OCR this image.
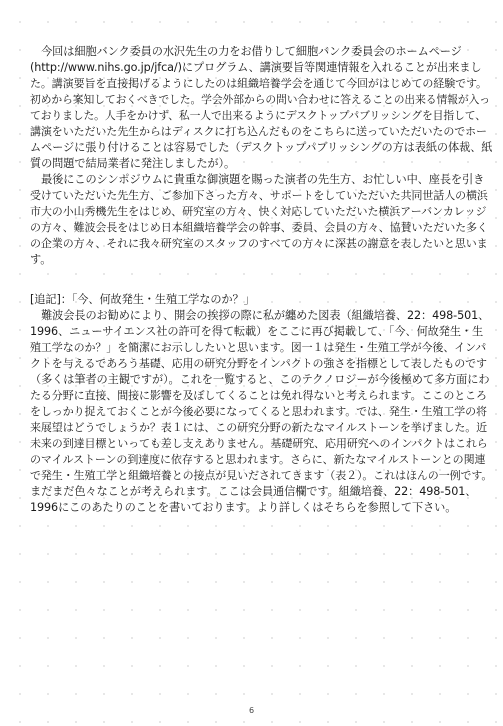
　今回は細胞バンク委員の水沢先生の力をお借りして細胞バンク委員会のホームページ
(http://www.nihs.go.jp/jfca/)にプログラム、講演要旨等関連情報を入れることが出来まし
た。講演要旨を直接掲げるようにしたのは組織培養学会を通じて今回がはじめての経験です。
初めから案知しておくべきでした。学会外部からの問い合わせに答えることの出来る情報が入っ
ておりました。人手をかけず、私一人で出来るようにデスクトップパブリッシングを目指して、
講演をいただいた先生からはディスクに打ち込んだものをこちらに送っていただいたのでホー
ムページに張り付けることは容易でした（デスクトップパブリッシングの方は表紙の体裁、紙
質の問題で結局業者に発注しましたが）。
　最後にこのシンポジウムに貴重な御演題を賜った演者の先生方、お忙しい中、座長を引き
受けていただいた先生方、ご参加下さった方々、サポートをしていただいた共同世話人の横浜
市大の小山秀機先生をはじめ、研究室の方々、快く対応していただいた横浜アーバンカレッジ
の方々、難波会長をはじめ日本組織培養学会の幹事、委員、会員の方々、協賛いただいた多く
の企業の方々、それに我々研究室のスタッフのすべての方々に深甚の謝意を表したいと思いま
す。
[追記]：「今、何故発生・生殖工学なのか？」
　難波会長のお勧めにより、開会の挨拶の際に私が纏めた図表（組織培養、22：498-501、
1996、ニューサイエンス社の許可を得て転載）をここに再び掲載して、「今、何故発生・生
殖工学なのか？」を簡潔にお示ししたいと思います。図一１は発生・生殖工学が今後、インパ
クトを与えるであろう基礎、応用の研究分野をインパクトの強さを指標として表したものです
（多くは筆者の主観ですが）。これを一覧すると、このテクノロジーが今後極めて多方面にわ
たる分野に直接、間接に影響を及ぼしてくることは免れ得ないと考えられます。ここのところ
をしっかり捉えておくことが今後必要になってくると思われます。では、発生・生殖工学の将
来展望はどうでしょうか？表１には、この研究分野の新たなマイルストーンを挙げました。近
未来の到達目標といっても差し支えありません。基礎研究、応用研究へのインパクトはこれら
のマイルストーンの到達度に依存すると思われます。さらに、新たなマイルストーンとの関連
で発生・生殖工学と組織培養との接点が見いだされてきます（表２）。これはほんの一例です。
まだまだ色々なことが考えられます。ここは会員通信欄です。組織培養、22：498-501、
1996にこのあたりのことを書いております。より詳しくはそちらを参照して下さい。
6
